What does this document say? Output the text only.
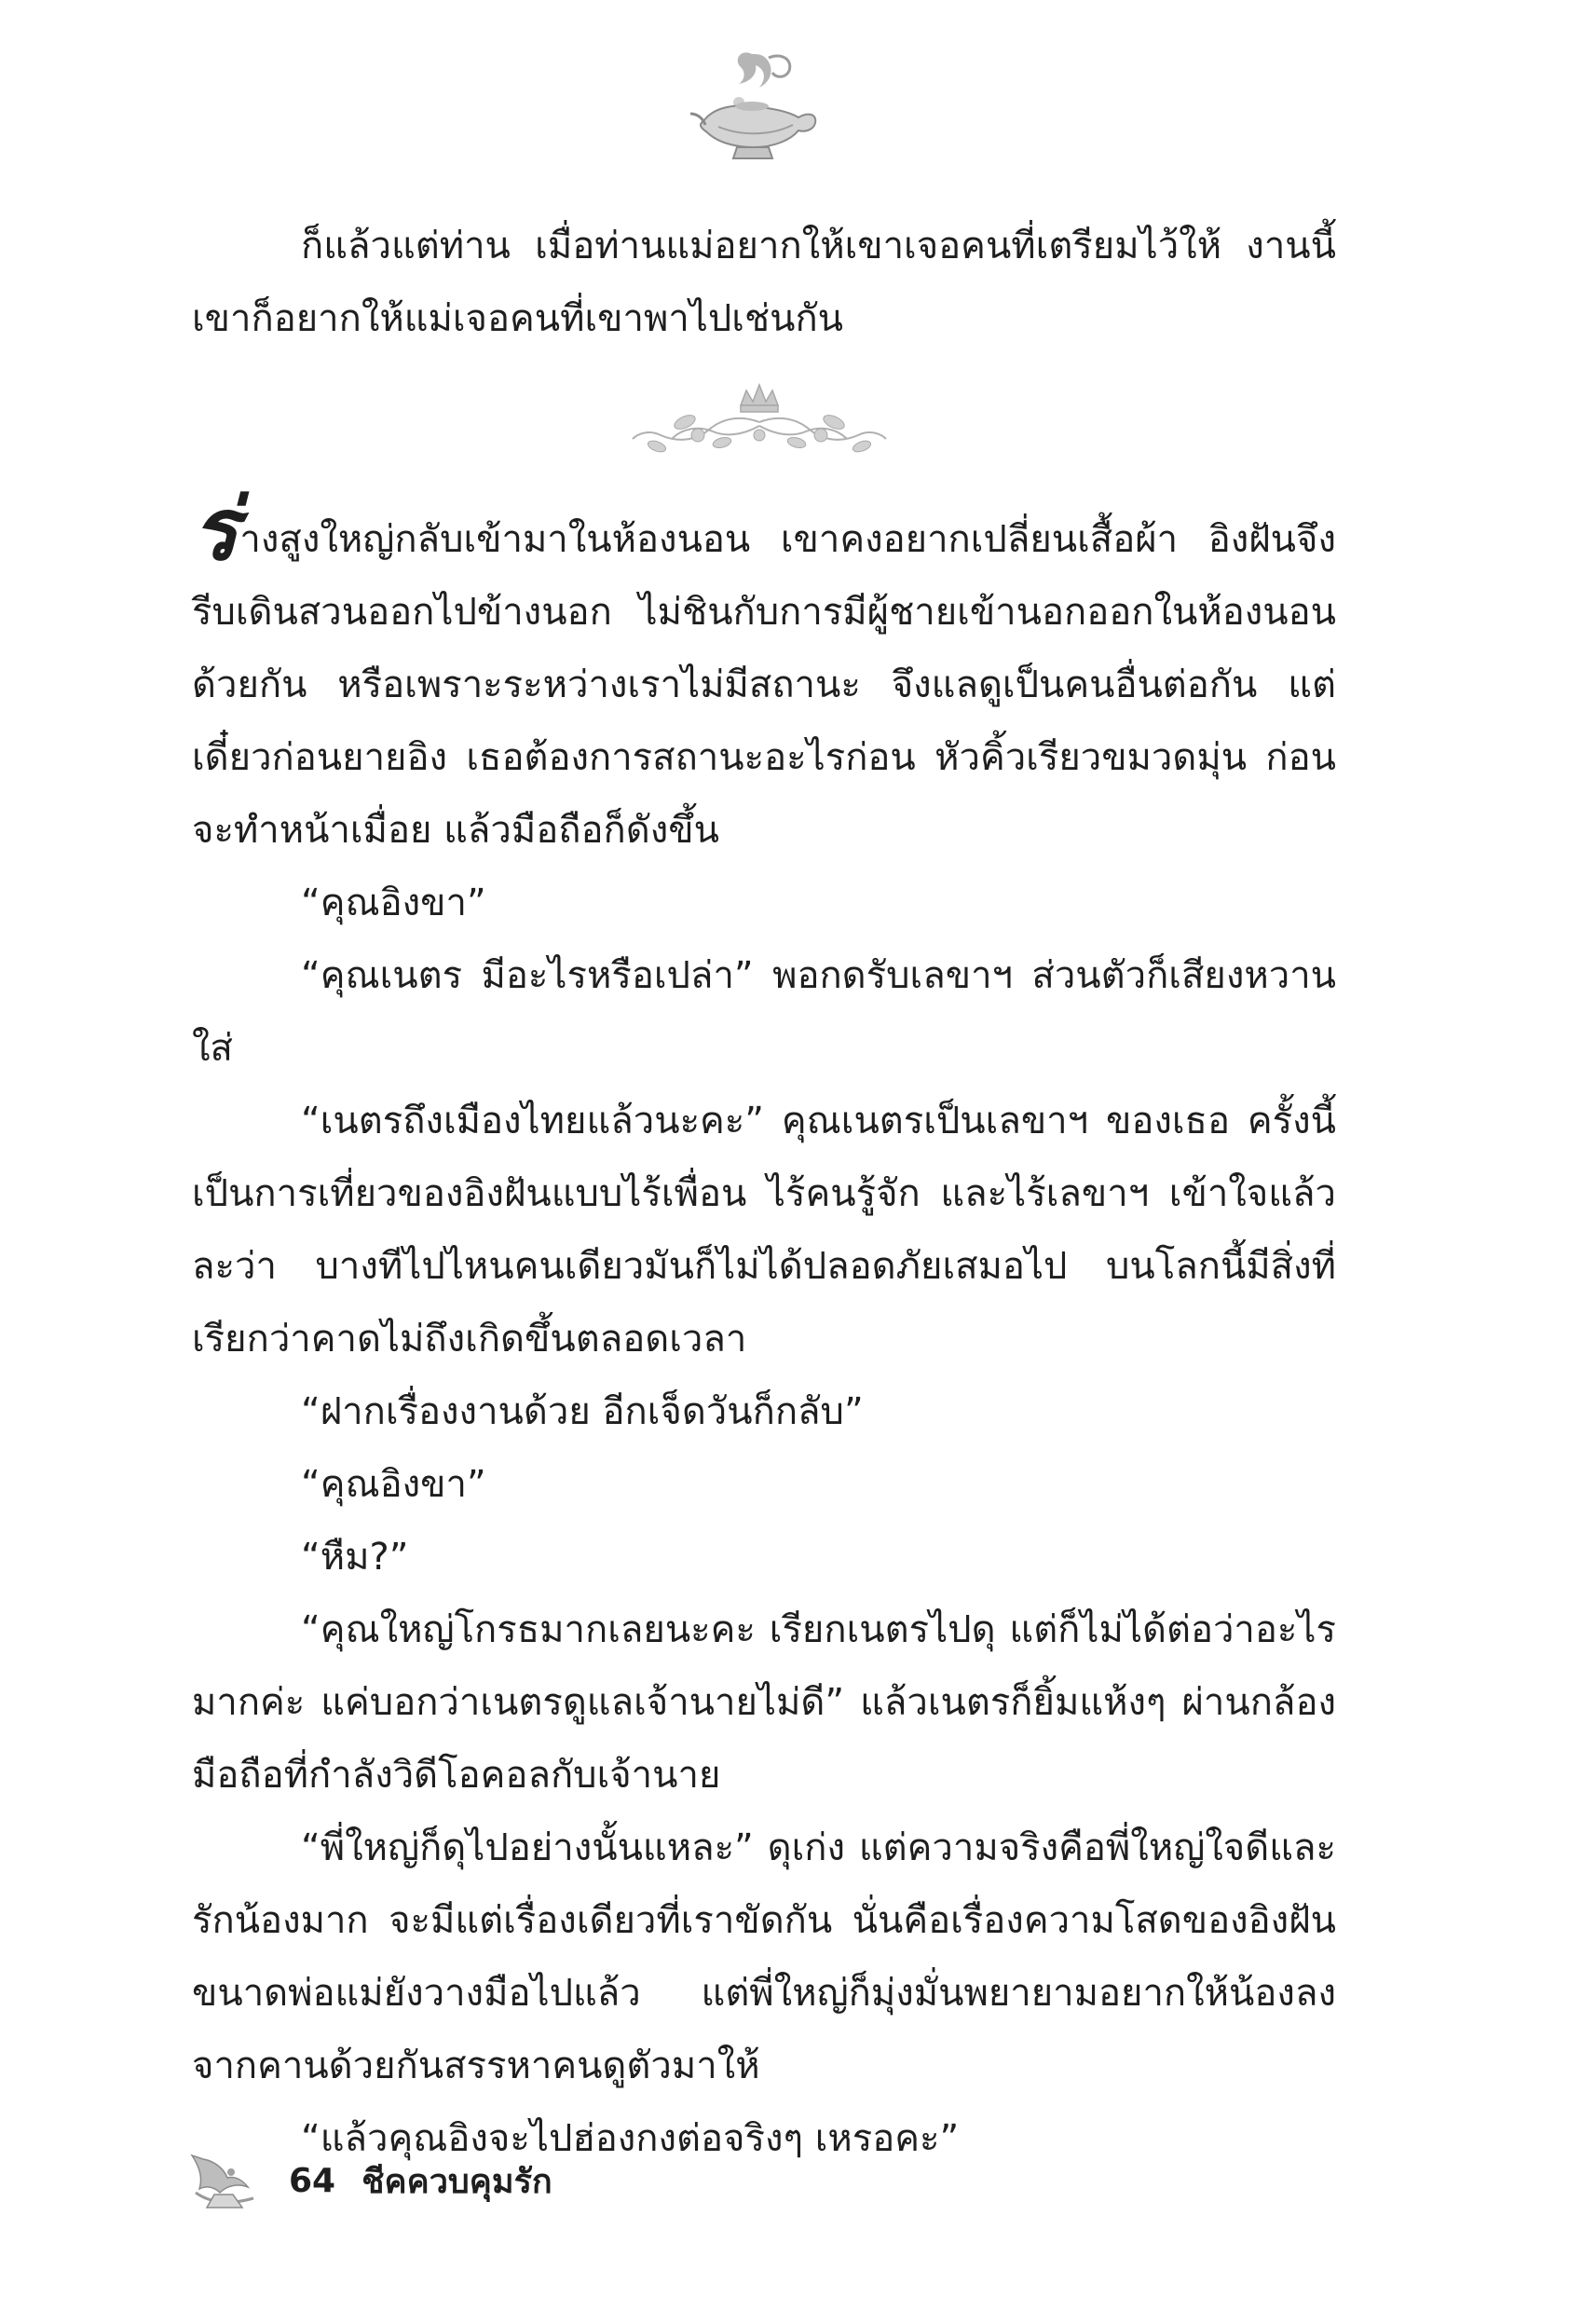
ก็แล้วแต่ท่าน เมื่อท่านแม่อยากให้เขาเจอคนที่เตรียมไว้ให้ งานนี้เขาก็อยากให้แม่เจอคนที่เขาพาไปเช่นกัน

ร่างสูงใหญ่กลับเข้ามาในห้องนอน เขาคงอยากเปลี่ยนเสื้อผ้า อิงฝันจึงรีบเดินสวนออกไปข้างนอก ไม่ชินกับการมีผู้ชายเข้านอกออกในห้องนอนด้วยกัน หรือเพราะระหว่างเราไม่มีสถานะ จึงแลดูเป็นคนอื่นต่อกัน แต่เดี๋ยวก่อนยายอิง เธอต้องการสถานะอะไรก่อน หัวคิ้วเรียวขมวดมุ่น ก่อนจะทำหน้าเมื่อย แล้วมือถือก็ดังขึ้น

“คุณอิงขา”

“คุณเนตร มีอะไรหรือเปล่า” พอกดรับเลขาฯ ส่วนตัวก็เสียงหวานใส่

“เนตรถึงเมืองไทยแล้วนะคะ” คุณเนตรเป็นเลขาฯ ของเธอ ครั้งนี้เป็นการเที่ยวของอิงฝันแบบไร้เพื่อน ไร้คนรู้จัก และไร้เลขาฯ เข้าใจแล้วละว่า บางทีไปไหนคนเดียวมันก็ไม่ได้ปลอดภัยเสมอไป บนโลกนี้มีสิ่งที่เรียกว่าคาดไม่ถึงเกิดขึ้นตลอดเวลา

“ฝากเรื่องงานด้วย อีกเจ็ดวันก็กลับ”

“คุณอิงขา”

“หืม?”

“คุณใหญ่โกรธมากเลยนะคะ เรียกเนตรไปดุ แต่ก็ไม่ได้ต่อว่าอะไรมากค่ะ แค่บอกว่าเนตรดูแลเจ้านายไม่ดี” แล้วเนตรก็ยิ้มแห้งๆ ผ่านกล้องมือถือที่กำลังวิดีโอคอลกับเจ้านาย

“พี่ใหญ่ก็ดุไปอย่างนั้นแหละ” ดุเก่ง แต่ความจริงคือพี่ใหญ่ใจดีและรักน้องมาก จะมีแต่เรื่องเดียวที่เราขัดกัน นั่นคือเรื่องความโสดของอิงฝัน ขนาดพ่อแม่ยังวางมือไปแล้ว แต่พี่ใหญ่ก็มุ่งมั่นพยายามอยากให้น้องลงจากคานด้วยกันสรรหาคนดูตัวมาให้

“แล้วคุณอิงจะไปฮ่องกงต่อจริงๆ เหรอคะ”

64 ชีคควบคุมรัก
